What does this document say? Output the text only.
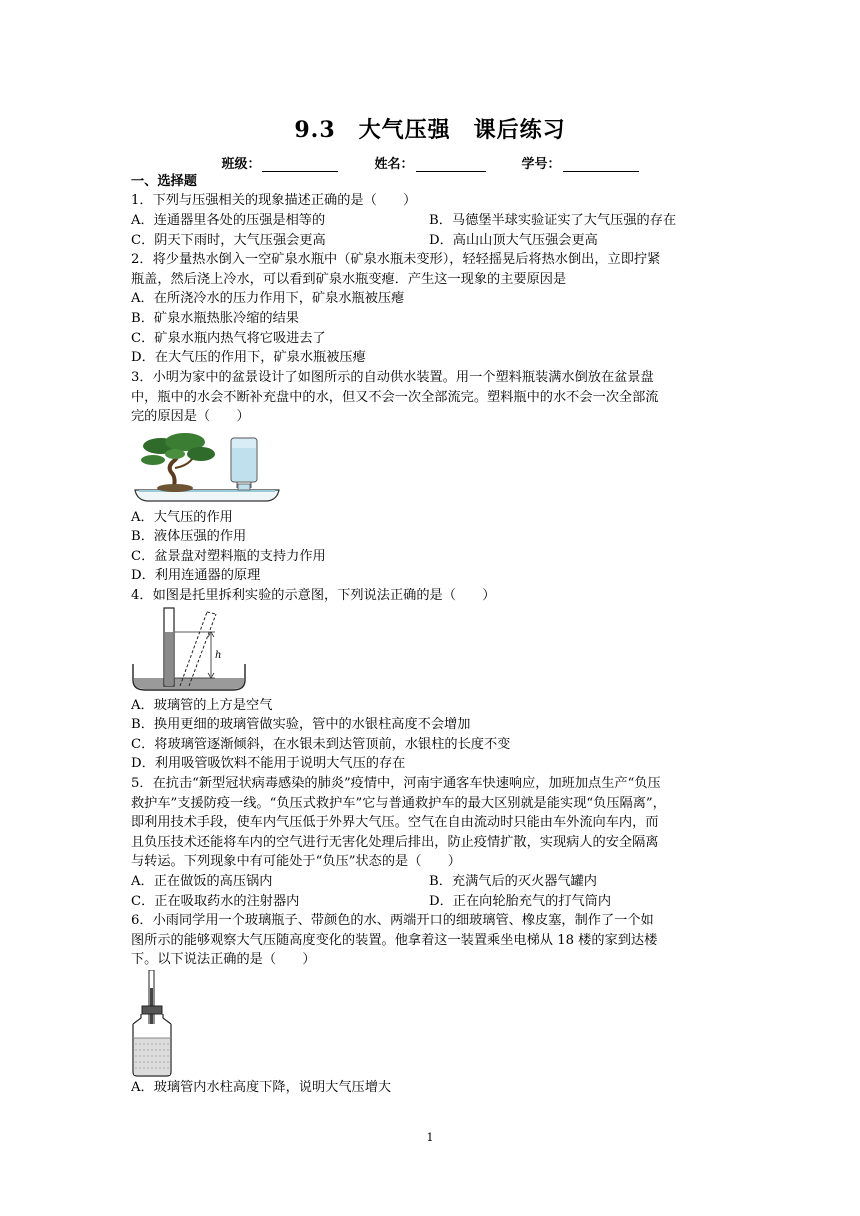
9.3　大气压强　课后练习
班级：	姓名：	学号：
一、选择题
1．下列与压强相关的现象描述正确的是（　　）
A．连通器里各处的压强是相等的	B．马德堡半球实验证实了大气压强的存在
C．阴天下雨时，大气压强会更高	D．高山山顶大气压强会更高
2．将少量热水倒入一空矿泉水瓶中（矿泉水瓶未变形），轻轻摇晃后将热水倒出，立即拧紧
瓶盖，然后浇上冷水，可以看到矿泉水瓶变瘪．产生这一现象的主要原因是
A．在所浇冷水的压力作用下，矿泉水瓶被压瘪
B．矿泉水瓶热胀冷缩的结果
C．矿泉水瓶内热气将它吸进去了
D．在大气压的作用下，矿泉水瓶被压瘪
3．小明为家中的盆景设计了如图所示的自动供水装置。用一个塑料瓶装满水倒放在盆景盘
中，瓶中的水会不断补充盘中的水，但又不会一次全部流完。塑料瓶中的水不会一次全部流
完的原因是（　　）
A．大气压的作用
B．液体压强的作用
C．盆景盘对塑料瓶的支持力作用
D．利用连通器的原理
4．如图是托里拆利实验的示意图，下列说法正确的是（　　）
h
A．玻璃管的上方是空气
B．换用更细的玻璃管做实验，管中的水银柱高度不会增加
C．将玻璃管逐渐倾斜，在水银未到达管顶前，水银柱的长度不变
D．利用吸管吸饮料不能用于说明大气压的存在
5．在抗击“新型冠状病毒感染的肺炎”疫情中，河南宇通客车快速响应，加班加点生产“负压
救护车”支援防疫一线。“负压式救护车”它与普通救护车的最大区别就是能实现“负压隔离”，
即利用技术手段，使车内气压低于外界大气压。空气在自由流动时只能由车外流向车内，而
且负压技术还能将车内的空气进行无害化处理后排出，防止疫情扩散，实现病人的安全隔离
与转运。下列现象中有可能处于“负压”状态的是（　　）
A．正在做饭的高压锅内	B．充满气后的灭火器气罐内
C．正在吸取药水的注射器内	D．正在向轮胎充气的打气筒内
6．小雨同学用一个玻璃瓶子、带颜色的水、两端开口的细玻璃管、橡皮塞，制作了一个如
图所示的能够观察大气压随高度变化的装置。他拿着这一装置乘坐电梯从 18 楼的家到达楼
下。以下说法正确的是（　　）
A．玻璃管内水柱高度下降，说明大气压增大
1
